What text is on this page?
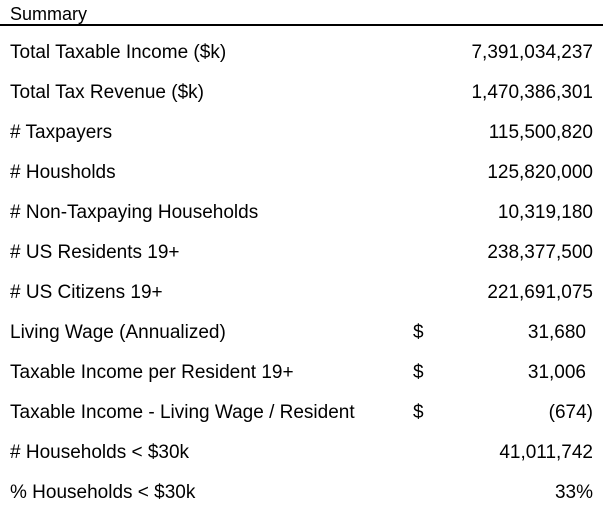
Summary
Total Taxable Income ($k)	7,391,034,237
Total Tax Revenue ($k)	1,470,386,301
# Taxpayers	115,500,820
# Housholds	125,820,000
# Non-Taxpaying Households	10,319,180
# US Residents 19+	238,377,500
# US Citizens 19+	221,691,075
Living Wage (Annualized)	$	31,680
Taxable Income per Resident 19+	$	31,006
Taxable Income - Living Wage / Resident	$	(674)
# Households < $30k	41,011,742
% Households < $30k	33%
